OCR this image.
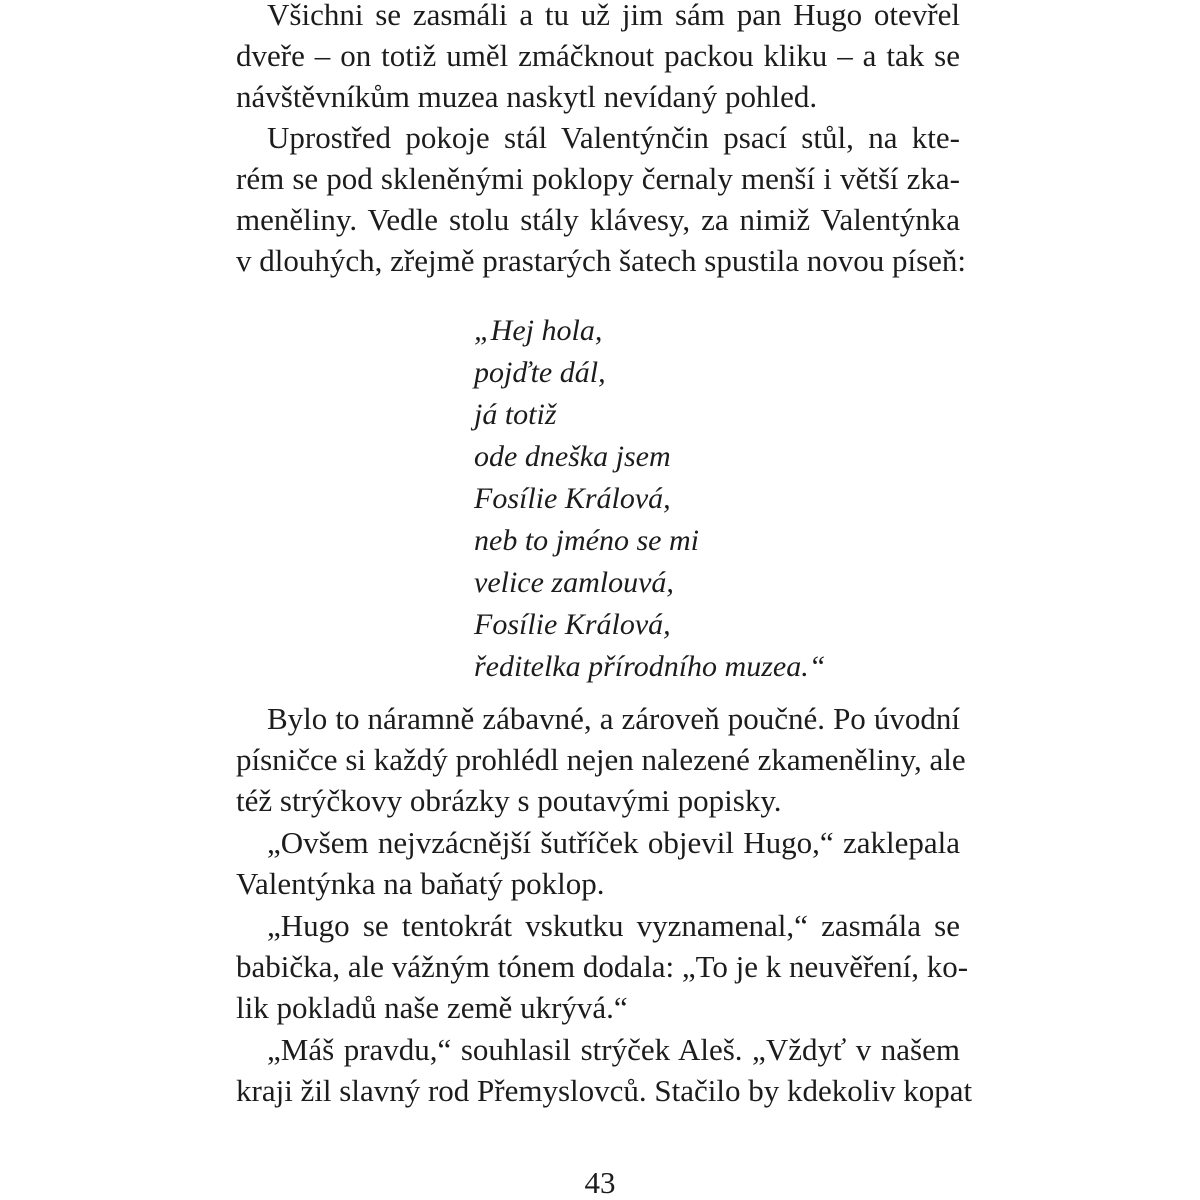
Všichni se zasmáli a tu už jim sám pan Hugo otevřel
dveře – on totiž uměl zmáčknout packou kliku – a tak se
návštěvníkům muzea naskytl nevídaný pohled.
Uprostřed pokoje stál Valentýnčin psací stůl, na kte-
rém se pod skleněnými poklopy černaly menší i větší zka-
meněliny. Vedle stolu stály klávesy, za nimiž Valentýnka
v dlouhých, zřejmě prastarých šatech spustila novou píseň:
„Hej hola,
pojďte dál,
já totiž
ode dneška jsem
Fosílie Králová,
neb to jméno se mi
velice zamlouvá,
Fosílie Králová,
ředitelka přírodního muzea.“
Bylo to náramně zábavné, a zároveň poučné. Po úvodní
písničce si každý prohlédl nejen nalezené zkameněliny, ale
též strýčkovy obrázky s poutavými popisky.
„Ovšem nejvzácnější šutříček objevil Hugo,“ zaklepala
Valentýnka na baňatý poklop.
„Hugo se tentokrát vskutku vyznamenal,“ zasmála se
babička, ale vážným tónem dodala: „To je k neuvěření, ko-
lik pokladů naše země ukrývá.“
„Máš pravdu,“ souhlasil strýček Aleš. „Vždyť v našem
kraji žil slavný rod Přemyslovců. Stačilo by kdekoliv kopat
43
